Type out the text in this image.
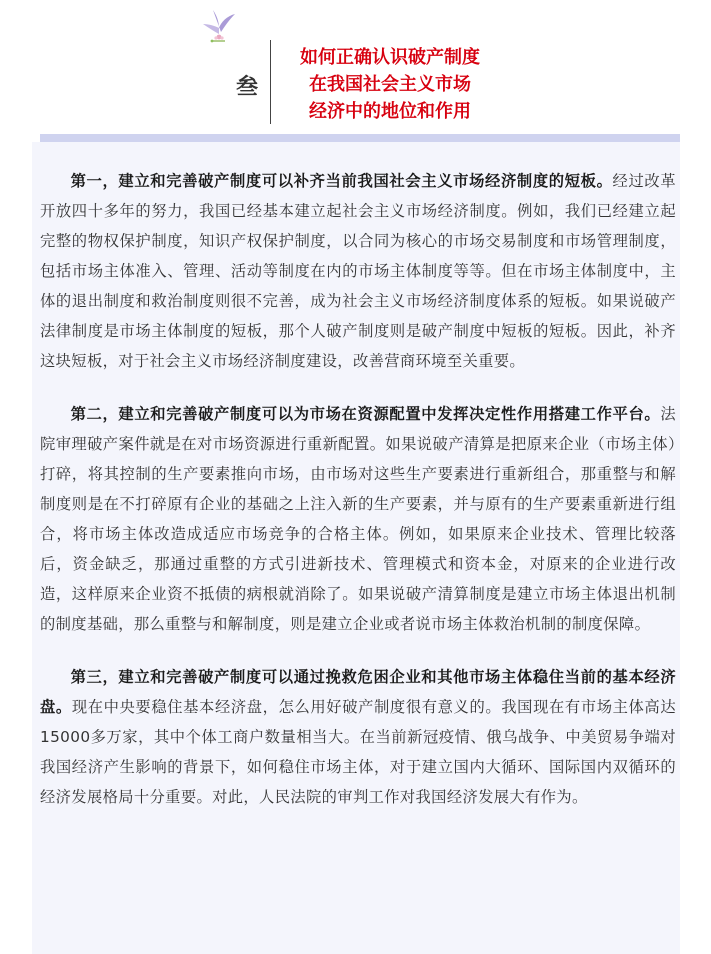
叁
如何正确认识破产制度
在我国社会主义市场
经济中的地位和作用

第一，建立和完善破产制度可以补齐当前我国社会主义市场经济制度的短板。经过改革开放四十多年的努力，我国已经基本建立起社会主义市场经济制度。例如，我们已经建立起完整的物权保护制度，知识产权保护制度，以合同为核心的市场交易制度和市场管理制度，包括市场主体准入、管理、活动等制度在内的市场主体制度等等。但在市场主体制度中，主体的退出制度和救治制度则很不完善，成为社会主义市场经济制度体系的短板。如果说破产法律制度是市场主体制度的短板，那个人破产制度则是破产制度中短板的短板。因此，补齐这块短板，对于社会主义市场经济制度建设，改善营商环境至关重要。

第二，建立和完善破产制度可以为市场在资源配置中发挥决定性作用搭建工作平台。法院审理破产案件就是在对市场资源进行重新配置。如果说破产清算是把原来企业（市场主体）打碎，将其控制的生产要素推向市场，由市场对这些生产要素进行重新组合，那重整与和解制度则是在不打碎原有企业的基础之上注入新的生产要素，并与原有的生产要素重新进行组合，将市场主体改造成适应市场竞争的合格主体。例如，如果原来企业技术、管理比较落后，资金缺乏，那通过重整的方式引进新技术、管理模式和资本金，对原来的企业进行改造，这样原来企业资不抵债的病根就消除了。如果说破产清算制度是建立市场主体退出机制的制度基础，那么重整与和解制度，则是建立企业或者说市场主体救治机制的制度保障。

第三，建立和完善破产制度可以通过挽救危困企业和其他市场主体稳住当前的基本经济盘。现在中央要稳住基本经济盘，怎么用好破产制度很有意义的。我国现在有市场主体高达15000多万家，其中个体工商户数量相当大。在当前新冠疫情、俄乌战争、中美贸易争端对我国经济产生影响的背景下，如何稳住市场主体，对于建立国内大循环、国际国内双循环的经济发展格局十分重要。对此，人民法院的审判工作对我国经济发展大有作为。
